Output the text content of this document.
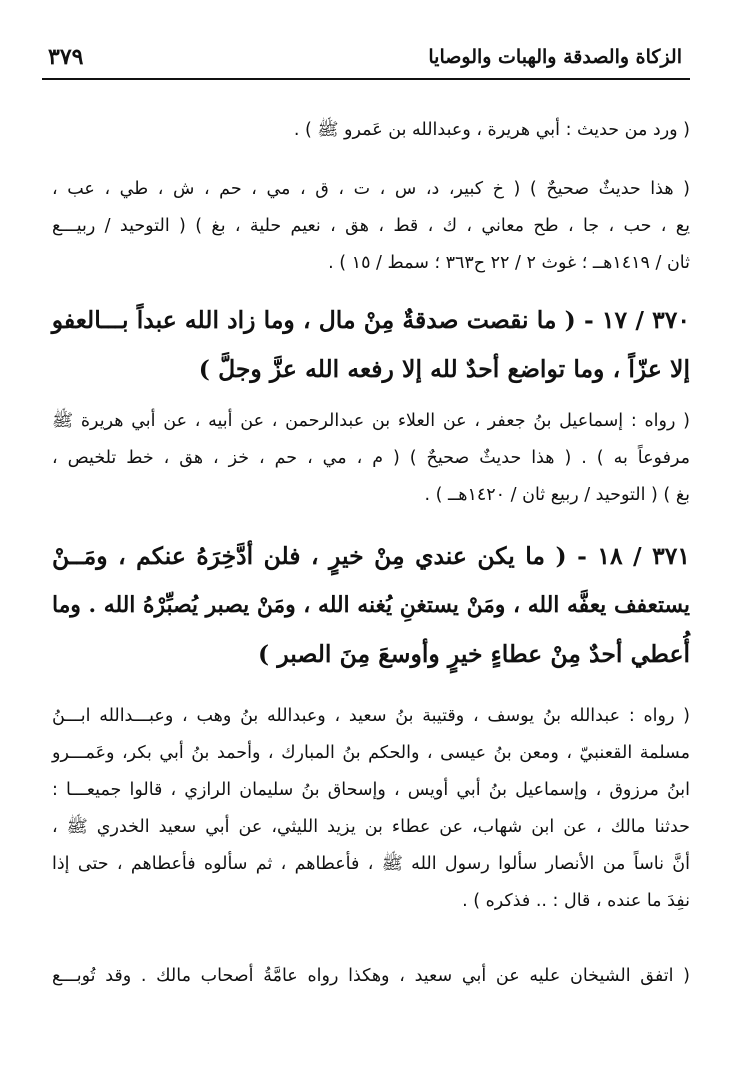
الزكاة والصدقة والهبات والوصايا
٣٧٩
( ورد من حديث : أبي هريرة ، وعبدالله بن عَمرو ﷺ ) .
( هذا حديثٌ صحيحٌ ) ( خ كبير، د، س ، ت ، ق ، مي ، حم ، ش ، طي ، عب ،
يع ، حب ، جا ، طح معاني ، ك ، قط ، هق ، نعيم حلية ، بغ ) ( التوحيد / ربيـــع
ثان / ١٤١٩هــ ؛ غوث ٢ / ٢٢ ح٣٦٣ ؛ سمط / ١٥ ) .
٣٧٠ / ١٧ - ( ما نقصت صدقةٌ مِنْ مال ، وما زاد الله عبداً بـــالعفو
إلا عزّاً ، وما تواضع أحدٌ لله إلا رفعه الله عزَّ وجلَّ )
( رواه : إسماعيل بنُ جعفر ، عن العلاء بن عبدالرحمن ، عن أبيه ، عن أبي هريرة ﷺ
مرفوعاً به ) . ( هذا حديثٌ صحيحٌ ) ( م ، مي ، حم ، خز ، هق ، خط تلخيص ،
بغ ) ( التوحيد / ربيع ثان / ١٤٢٠هــ ) .
٣٧١ / ١٨ - ( ما يكن عندي مِنْ خيرٍ ، فلن أدَّخِرَهُ عنكم ، ومَــنْ
يستعفف يعفَّه الله ، ومَنْ يستغنِ يُغنه الله ، ومَنْ يصبر يُصبِّرْهُ الله . وما
أُعطي أحدٌ مِنْ عطاءٍ خيرٍ وأوسعَ مِنَ الصبر )
( رواه : عبدالله بنُ يوسف ، وقتيبة بنُ سعيد ، وعبدالله بنُ وهب ، وعبـــدالله ابـــنُ
مسلمة القعنبيّ ، ومعن بنُ عيسى ، والحكم بنُ المبارك ، وأحمد بنُ أبي بكر، وعَمـــرو
ابنُ مرزوق ، وإسماعيل بنُ أبي أويس ، وإسحاق بنُ سليمان الرازي ، قالوا جميعـــا :
حدثنا مالك ، عن ابن شهاب، عن عطاء بن يزيد الليثي، عن أبي سعيد الخدري ﷺ ،
أنَّ ناساً من الأنصار سألوا رسول الله ﷺ ، فأعطاهم ، ثم سألوه فأعطاهم ، حتى إذا
نفِدَ ما عنده ، قال : .. فذكره ) .
( اتفق الشيخان عليه عن أبي سعيد ، وهكذا رواه عامَّةُ أصحاب مالك . وقد تُوبـــع
